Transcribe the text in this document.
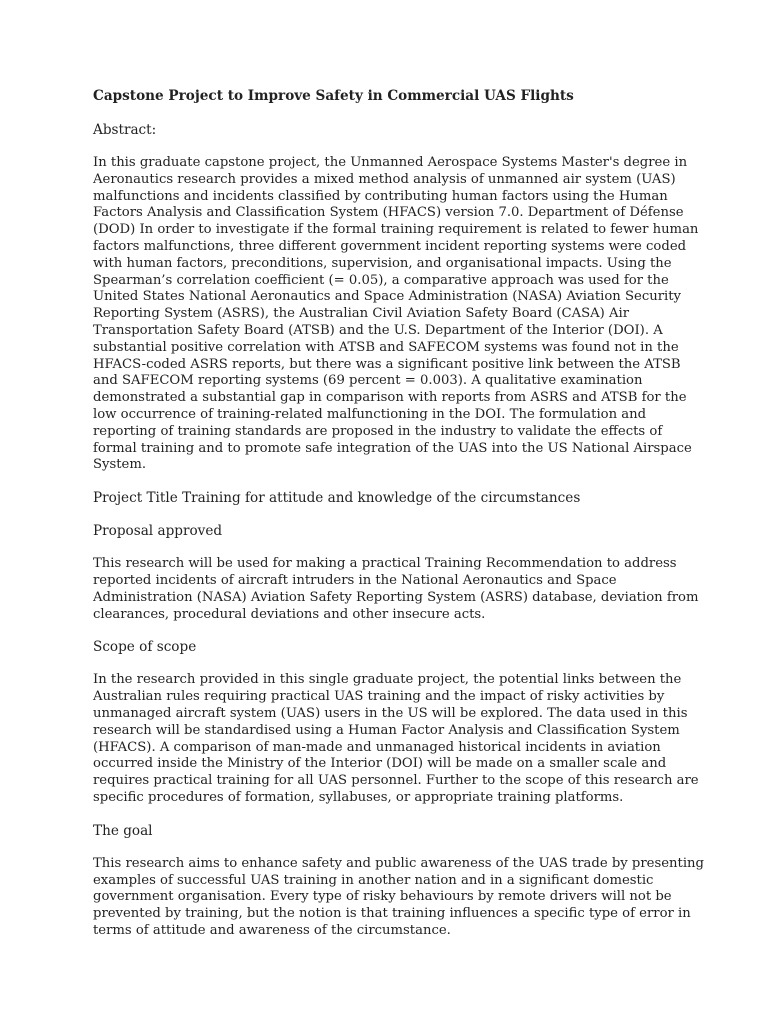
Capstone Project to Improve Safety in Commercial UAS Flights

Abstract:

In this graduate capstone project, the Unmanned Aerospace Systems Master's degree in Aeronautics research provides a mixed method analysis of unmanned air system (UAS) malfunctions and incidents classified by contributing human factors using the Human Factors Analysis and Classification System (HFACS) version 7.0. Department of Défense (DOD) In order to investigate if the formal training requirement is related to fewer human factors malfunctions, three different government incident reporting systems were coded with human factors, preconditions, supervision, and organisational impacts. Using the Spearman’s correlation coefficient (= 0.05), a comparative approach was used for the United States National Aeronautics and Space Administration (NASA) Aviation Security Reporting System (ASRS), the Australian Civil Aviation Safety Board (CASA) Air Transportation Safety Board (ATSB) and the U.S. Department of the Interior (DOI). A substantial positive correlation with ATSB and SAFECOM systems was found not in the HFACS-coded ASRS reports, but there was a significant positive link between the ATSB and SAFECOM reporting systems (69 percent = 0.003). A qualitative examination demonstrated a substantial gap in comparison with reports from ASRS and ATSB for the low occurrence of training-related malfunctioning in the DOI. The formulation and reporting of training standards are proposed in the industry to validate the effects of formal training and to promote safe integration of the UAS into the US National Airspace System.

Project Title Training for attitude and knowledge of the circumstances

Proposal approved

This research will be used for making a practical Training Recommendation to address reported incidents of aircraft intruders in the National Aeronautics and Space Administration (NASA) Aviation Safety Reporting System (ASRS) database, deviation from clearances, procedural deviations and other insecure acts.

Scope of scope

In the research provided in this single graduate project, the potential links between the Australian rules requiring practical UAS training and the impact of risky activities by unmanaged aircraft system (UAS) users in the US will be explored. The data used in this research will be standardised using a Human Factor Analysis and Classification System (HFACS). A comparison of man-made and unmanaged historical incidents in aviation occurred inside the Ministry of the Interior (DOI) will be made on a smaller scale and requires practical training for all UAS personnel. Further to the scope of this research are specific procedures of formation, syllabuses, or appropriate training platforms.

The goal

This research aims to enhance safety and public awareness of the UAS trade by presenting examples of successful UAS training in another nation and in a significant domestic government organisation. Every type of risky behaviours by remote drivers will not be prevented by training, but the notion is that training influences a specific type of error in terms of attitude and awareness of the circumstance.
